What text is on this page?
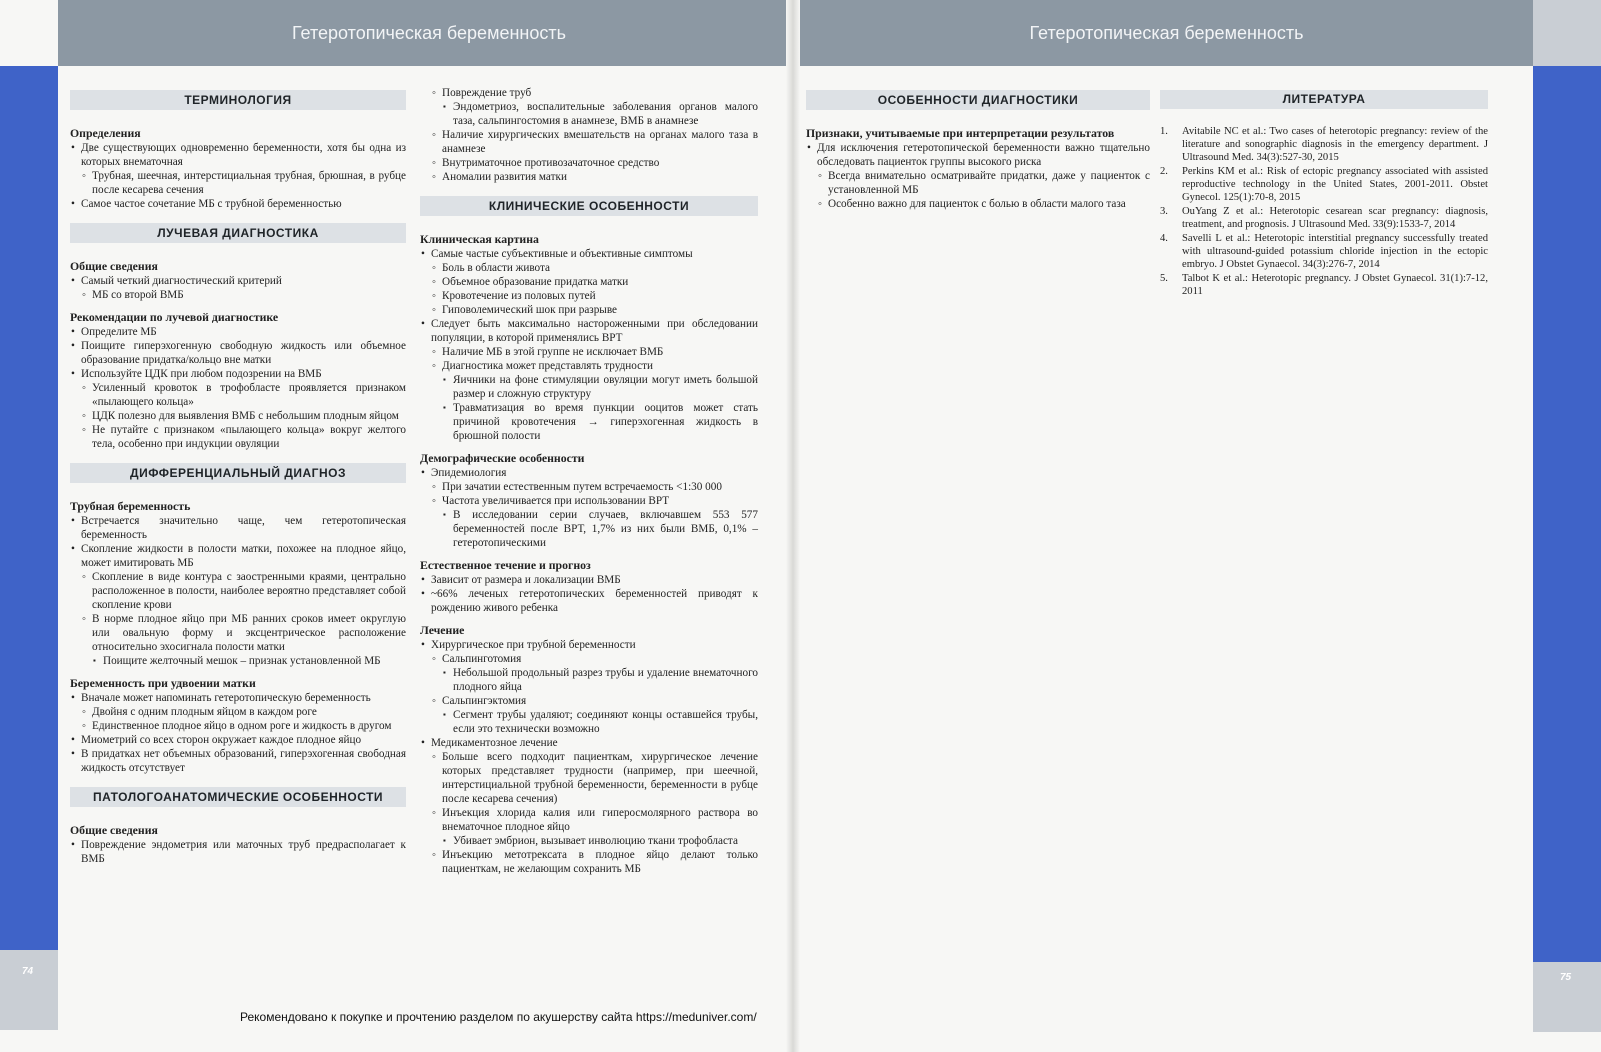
Гетеротопическая беременность
74
ТЕРМИНОЛОГИЯ
Определения
• Две существующих одновременно беременности, хотя бы одна из которых внематочная
◦ Трубная, шеечная, интерстициальная трубная, брюшная, в рубце после кесарева сечения
• Самое частое сочетание МБ с трубной беременностью
ЛУЧЕВАЯ ДИАГНОСТИКА
Общие сведения
• Самый четкий диагностический критерий
◦ МБ со второй ВМБ
Рекомендации по лучевой диагностике
• Определите МБ
• Поищите гиперэхогенную свободную жидкость или объемное образование придатка/кольцо вне матки
• Используйте ЦДК при любом подозрении на ВМБ
◦ Усиленный кровоток в трофобласте проявляется признаком «пылающего кольца»
◦ ЦДК полезно для выявления ВМБ с небольшим плодным яйцом
◦ Не путайте с признаком «пылающего кольца» вокруг желтого тела, особенно при индукции овуляции
ДИФФЕРЕНЦИАЛЬНЫЙ ДИАГНОЗ
Трубная беременность
• Встречается значительно чаще, чем гетеротопическая беременность
• Скопление жидкости в полости матки, похожее на плодное яйцо, может имитировать МБ
◦ Скопление в виде контура с заостренными краями, центрально расположенное в полости, наиболее вероятно представляет собой скопление крови
◦ В норме плодное яйцо при МБ ранних сроков имеет округлую или овальную форму и эксцентрическое расположение относительно эхосигнала полости матки
▪ Поищите желточный мешок – признак установленной МБ
Беременность при удвоении матки
• Вначале может напоминать гетеротопическую беременность
◦ Двойня с одним плодным яйцом в каждом роге
◦ Единственное плодное яйцо в одном роге и жидкость в другом
• Миометрий со всех сторон окружает каждое плодное яйцо
• В придатках нет объемных образований, гиперэхогенная свободная жидкость отсутствует
ПАТОЛОГОАНАТОМИЧЕСКИЕ ОСОБЕННОСТИ
Общие сведения
• Повреждение эндометрия или маточных труб предрасполагает к ВМБ
◦ Повреждение труб
▪ Эндометриоз, воспалительные заболевания органов малого таза, сальпингостомия в анамнезе, ВМБ в анамнезе
◦ Наличие хирургических вмешательств на органах малого таза в анамнезе
◦ Внутриматочное противозачаточное средство
◦ Аномалии развития матки
КЛИНИЧЕСКИЕ ОСОБЕННОСТИ
Клиническая картина
• Самые частые субъективные и объективные симптомы
◦ Боль в области живота
◦ Объемное образование придатка матки
◦ Кровотечение из половых путей
◦ Гиповолемический шок при разрыве
• Следует быть максимально настороженными при обследовании популяции, в которой применялись ВРТ
◦ Наличие МБ в этой группе не исключает ВМБ
◦ Диагностика может представлять трудности
▪ Яичники на фоне стимуляции овуляции могут иметь большой размер и сложную структуру
▪ Травматизация во время пункции ооцитов может стать причиной кровотечения → гиперэхогенная жидкость в брюшной полости
Демографические особенности
• Эпидемиология
◦ При зачатии естественным путем встречаемость <1:30 000
◦ Частота увеличивается при использовании ВРТ
▪ В исследовании серии случаев, включавшем 553 577 беременностей после ВРТ, 1,7% из них были ВМБ, 0,1% – гетеротопическими
Естественное течение и прогноз
• Зависит от размера и локализации ВМБ
• ~66% леченых гетеротопических беременностей приводят к рождению живого ребенка
Лечение
• Хирургическое при трубной беременности
◦ Сальпинготомия
▪ Небольшой продольный разрез трубы и удаление внематочного плодного яйца
◦ Сальпингэктомия
▪ Сегмент трубы удаляют; соединяют концы оставшейся трубы, если это технически возможно
• Медикаментозное лечение
◦ Больше всего подходит пациенткам, хирургическое лечение которых представляет трудности (например, при шеечной, интерстициальной трубной беременности, беременности в рубце после кесарева сечения)
◦ Инъекция хлорида калия или гиперосмолярного раствора во внематочное плодное яйцо
▪ Убивает эмбрион, вызывает инволюцию ткани трофобласта
◦ Инъекцию метотрексата в плодное яйцо делают только пациенткам, не желающим сохранить МБ
Гетеротопическая беременность
75
ОСОБЕННОСТИ ДИАГНОСТИКИ
Признаки, учитываемые при интерпретации результатов
• Для исключения гетеротопической беременности важно тщательно обследовать пациенток группы высокого риска
◦ Всегда внимательно осматривайте придатки, даже у пациенток с установленной МБ
◦ Особенно важно для пациенток с болью в области малого таза
ЛИТЕРАТУРА
1. Avitabile NC et al.: Two cases of heterotopic pregnancy: review of the literature and sonographic diagnosis in the emergency department. J Ultrasound Med. 34(3):527-30, 2015
2. Perkins KM et al.: Risk of ectopic pregnancy associated with assisted reproductive technology in the United States, 2001-2011. Obstet Gynecol. 125(1):70-8, 2015
3. OuYang Z et al.: Heterotopic cesarean scar pregnancy: diagnosis, treatment, and prognosis. J Ultrasound Med. 33(9):1533-7, 2014
4. Savelli L et al.: Heterotopic interstitial pregnancy successfully treated with ultrasound-guided potassium chloride injection in the ectopic embryo. J Obstet Gynaecol. 34(3):276-7, 2014
5. Talbot K et al.: Heterotopic pregnancy. J Obstet Gynaecol. 31(1):7-12, 2011
Рекомендовано к покупке и прочтению разделом по акушерству сайта https://meduniver.com/
